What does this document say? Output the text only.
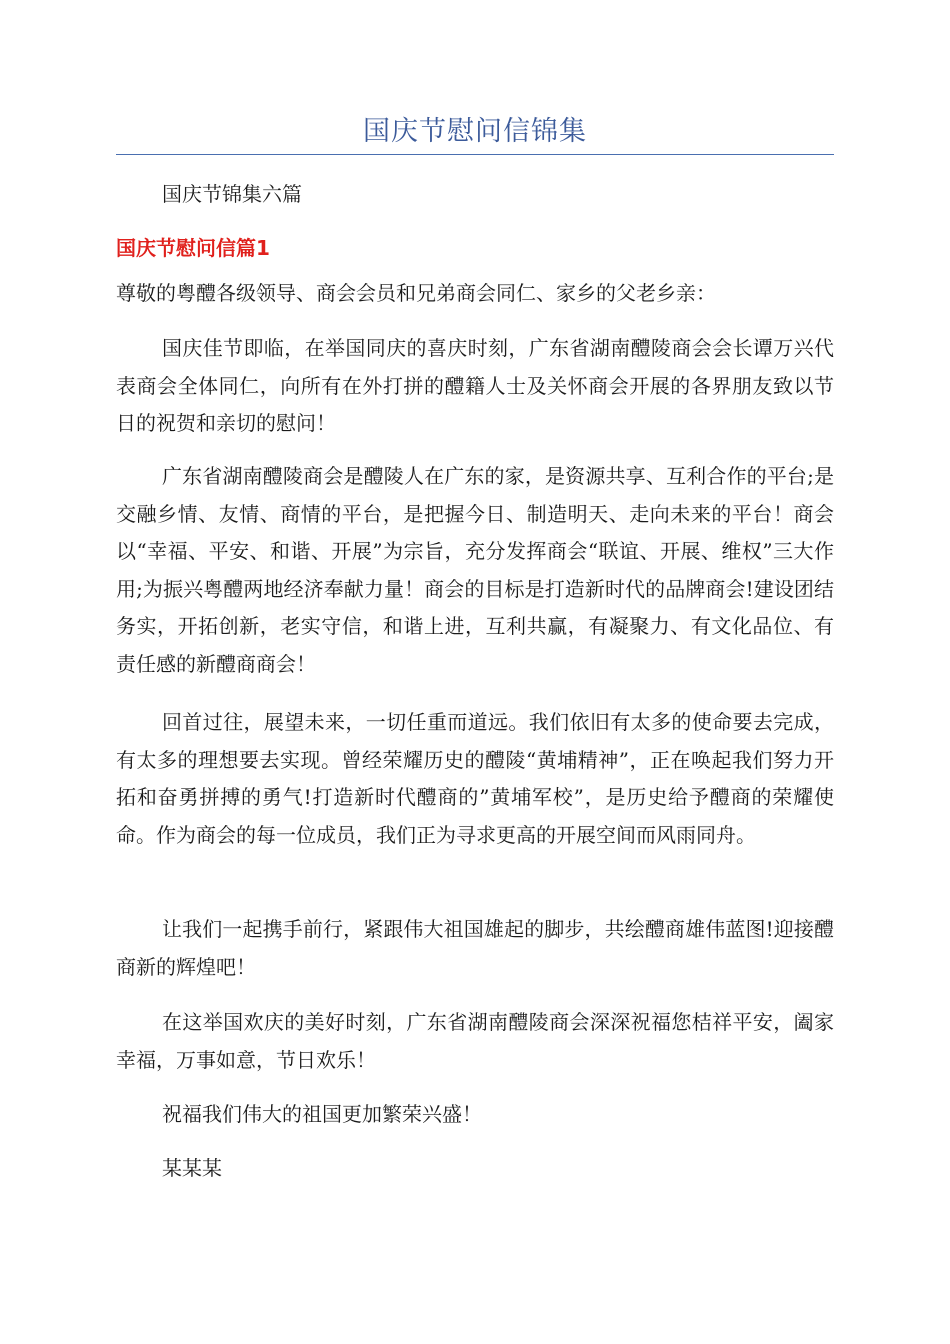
国庆节慰问信锦集
国庆节锦集六篇
国庆节慰问信篇1
尊敬的粤醴各级领导、商会会员和兄弟商会同仁、家乡的父老乡亲：
国庆佳节即临，在举国同庆的喜庆时刻，广东省湖南醴陵商会会长谭万兴代表商会全体同仁，向所有在外打拼的醴籍人士及关怀商会开展的各界朋友致以节日的祝贺和亲切的慰问！
广东省湖南醴陵商会是醴陵人在广东的家，是资源共享、互利合作的平台;是交融乡情、友情、商情的平台，是把握今日、制造明天、走向未来的平台！商会以“幸福、平安、和谐、开展”为宗旨，充分发挥商会“联谊、开展、维权”三大作用;为振兴粤醴两地经济奉献力量！商会的目标是打造新时代的品牌商会!建设团结务实，开拓创新，老实守信，和谐上进，互利共赢，有凝聚力、有文化品位、有责任感的新醴商商会！
回首过往，展望未来，一切任重而道远。我们依旧有太多的使命要去完成，有太多的理想要去实现。曾经荣耀历史的醴陵“黄埔精神”，正在唤起我们努力开拓和奋勇拼搏的勇气!打造新时代醴商的”黄埔军校”，是历史给予醴商的荣耀使命。作为商会的每一位成员，我们正为寻求更高的开展空间而风雨同舟。
让我们一起携手前行，紧跟伟大祖国雄起的脚步，共绘醴商雄伟蓝图!迎接醴商新的辉煌吧！
在这举国欢庆的美好时刻，广东省湖南醴陵商会深深祝福您桔祥平安，阖家幸福，万事如意，节日欢乐！
祝福我们伟大的祖国更加繁荣兴盛！
某某某
